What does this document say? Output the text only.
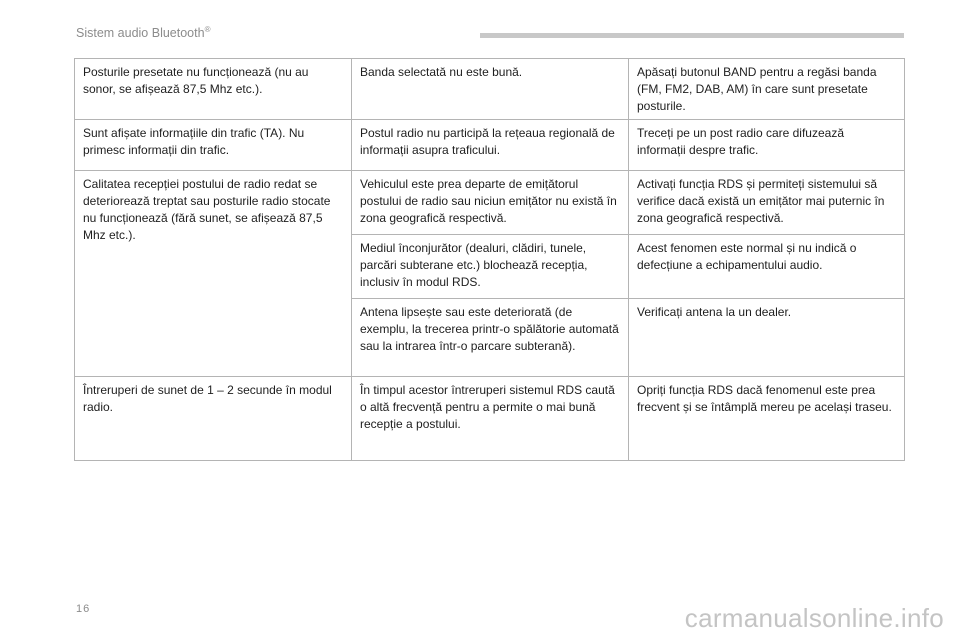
Sistem audio Bluetooth®
Posturile presetate nu funcționează (nu au sonor, se afișează 87,5 Mhz etc.).	Banda selectată nu este bună.	Apăsați butonul BAND pentru a regăsi banda (FM, FM2, DAB, AM) în care sunt presetate posturile.
Sunt afișate informațiile din trafic (TA). Nu primesc informații din trafic.	Postul radio nu participă la rețeaua regională de informații asupra traficului.	Treceți pe un post radio care difuzează informații despre trafic.
Calitatea recepției postului de radio redat se deteriorează treptat sau posturile radio stocate nu funcționează (fără sunet, se afișează 87,5 Mhz etc.).	Vehiculul este prea departe de emițătorul postului de radio sau niciun emițător nu există în zona geografică respectivă.	Activați funcția RDS și permiteți sistemului să verifice dacă există un emițător mai puternic în zona geografică respectivă.
	Mediul înconjurător (dealuri, clădiri, tunele, parcări subterane etc.) blochează recepția, inclusiv în modul RDS.	Acest fenomen este normal și nu indică o defecțiune a echipamentului audio.
	Antena lipsește sau este deteriorată (de exemplu, la trecerea printr-o spălătorie automată sau la intrarea într-o parcare subterană).	Verificați antena la un dealer.
Întreruperi de sunet de 1 – 2 secunde în modul radio.	În timpul acestor întreruperi sistemul RDS caută o altă frecvență pentru a permite o mai bună recepție a postului.	Opriți funcția RDS dacă fenomenul este prea frecvent și se întâmplă mereu pe același traseu.
16	carmanualsonline.info
